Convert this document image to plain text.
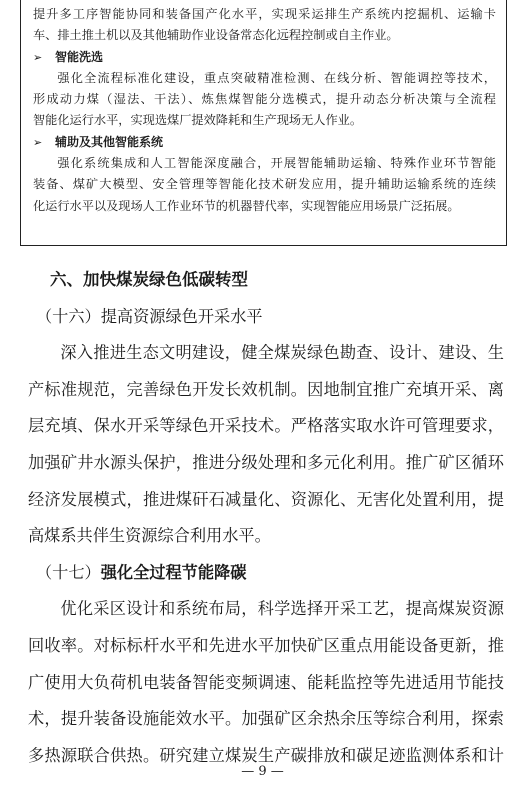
提升多工序智能协同和装备国产化水平，实现采运排生产系统内挖掘机、运输卡

车、排土推土机以及其他辅助作业设备常态化远程控制或自主作业。

➢	智能洗选

强化全流程标准化建设，重点突破精准检测、在线分析、智能调控等技术，

形成动力煤（湿法、干法）、炼焦煤智能分选模式，提升动态分析决策与全流程

智能化运行水平，实现选煤厂提效降耗和生产现场无人作业。

➢	辅助及其他智能系统

强化系统集成和人工智能深度融合，开展智能辅助运输、特殊作业环节智能

装备、煤矿大模型、安全管理等智能化技术研发应用，提升辅助运输系统的连续

化运行水平以及现场人工作业环节的机器替代率，实现智能应用场景广泛拓展。

六、加快煤炭绿色低碳转型
（十六）提高资源绿色开采水平

深入推进生态文明建设，健全煤炭绿色勘查、设计、建设、生

产标准规范，完善绿色开发长效机制。因地制宜推广充填开采、离

层充填、保水开采等绿色开采技术。严格落实取水许可管理要求，

加强矿井水源头保护，推进分级处理和多元化利用。推广矿区循环

经济发展模式，推进煤矸石减量化、资源化、无害化处置利用，提

高煤系共伴生资源综合利用水平。

（十七）强化全过程节能降碳

优化采区设计和系统布局，科学选择开采工艺，提高煤炭资源

回收率。对标标杆水平和先进水平加快矿区重点用能设备更新，推

广使用大负荷机电装备智能变频调速、能耗监控等先进适用节能技

术，提升装备设施能效水平。加强矿区余热余压等综合利用，探索

多热源联合供热。研究建立煤炭生产碳排放和碳足迹监测体系和计

— 9 —
